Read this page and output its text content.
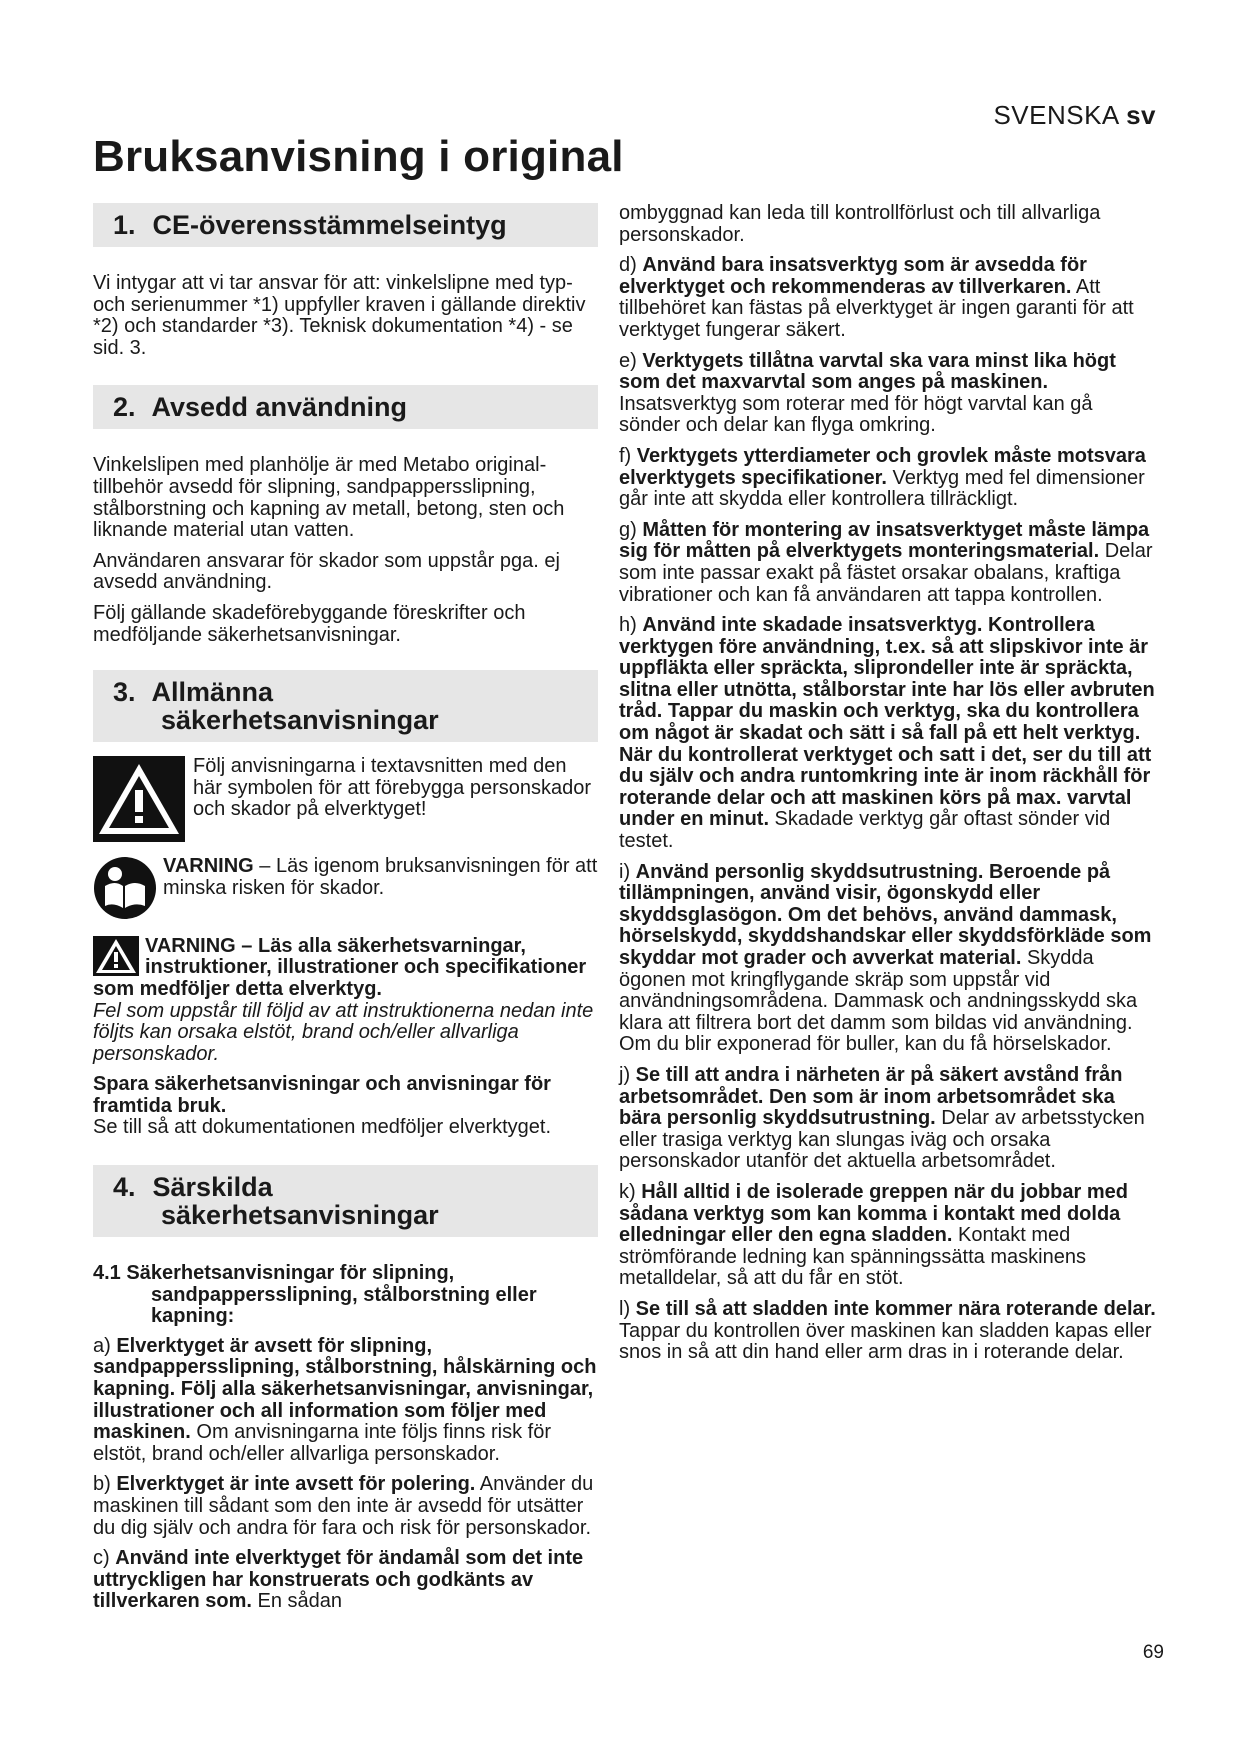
SVENSKA sv
Bruksanvisning i original
1. CE-överensstämmelseintyg

Vi intygar att vi tar ansvar för att: vinkelslipne med typ- och serienummer *1) uppfyller kraven i gällande direktiv *2) och standarder *3). Teknisk dokumentation *4) - se sid. 3.

2. Avsedd användning

Vinkelslipen med planhölje är med Metabo original-tillbehör avsedd för slipning, sandpappersslipning, stålborstning och kapning av metall, betong, sten och liknande material utan vatten.

Användaren ansvarar för skador som uppstår pga. ej avsedd användning.

Följ gällande skadeförebyggande föreskrifter och medföljande säkerhetsanvisningar.

3. Allmänna
säkerhetsanvisningar
Följ anvisningarna i textavsnitten med den här symbolen för att förebygga personskador och skador på elverktyget!
VARNING – Läs igenom bruksanvisningen för att minska risken för skador.
VARNING – Läs alla säkerhetsvarningar, instruktioner, illustrationer och specifikationer som medföljer detta elverktyg.
Fel som uppstår till följd av att instruktionerna nedan inte följts kan orsaka elstöt, brand och/eller allvarliga personskador.

Spara säkerhetsanvisningar och anvisningar för framtida bruk.
Se till så att dokumentationen medföljer elverktyget.

4. Särskilda
säkerhetsanvisningar
4.1 Säkerhetsanvisningar för slipning,
sandpappersslipning, stålborstning eller kapning:

a) Elverktyget är avsett för slipning, sandpappersslipning, stålborstning, hålskärning och kapning. Följ alla säkerhetsanvisningar, anvisningar, illustrationer och all information som följer med maskinen. Om anvisningarna inte följs finns risk för elstöt, brand och/eller allvarliga personskador.

b) Elverktyget är inte avsett för polering. Använder du maskinen till sådant som den inte är avsedd för utsätter du dig själv och andra för fara och risk för personskador.

c) Använd inte elverktyget för ändamål som det inte uttryckligen har konstruerats och godkänts av tillverkaren som. En sådan

ombyggnad kan leda till kontrollförlust och till allvarliga personskador.

d) Använd bara insatsverktyg som är avsedda för elverktyget och rekommenderas av tillverkaren. Att tillbehöret kan fästas på elverktyget är ingen garanti för att verktyget fungerar säkert.

e) Verktygets tillåtna varvtal ska vara minst lika högt som det maxvarvtal som anges på maskinen. Insatsverktyg som roterar med för högt varvtal kan gå sönder och delar kan flyga omkring.

f) Verktygets ytterdiameter och grovlek måste motsvara elverktygets specifikationer. Verktyg med fel dimensioner går inte att skydda eller kontrollera tillräckligt.

g) Måtten för montering av insatsverktyget måste lämpa sig för måtten på elverktygets monteringsmaterial. Delar som inte passar exakt på fästet orsakar obalans, kraftiga vibrationer och kan få användaren att tappa kontrollen.

h) Använd inte skadade insatsverktyg. Kontrollera verktygen före användning, t.ex. så att slipskivor inte är uppfläkta eller spräckta, sliprondeller inte är spräckta, slitna eller utnötta, stålborstar inte har lös eller avbruten tråd. Tappar du maskin och verktyg, ska du kontrollera om något är skadat och sätt i så fall på ett helt verktyg. När du kontrollerat verktyget och satt i det, ser du till att du själv och andra runtomkring inte är inom räckhåll för roterande delar och att maskinen körs på max. varvtal under en minut. Skadade verktyg går oftast sönder vid testet.

i) Använd personlig skyddsutrustning. Beroende på tillämpningen, använd visir, ögonskydd eller skyddsglasögon. Om det behövs, använd dammask, hörselskydd, skyddshandskar eller skyddsförkläde som skyddar mot grader och avverkat material. Skydda ögonen mot kringflygande skräp som uppstår vid användningsområdena. Dammask och andningsskydd ska klara att filtrera bort det damm som bildas vid användning. Om du blir exponerad för buller, kan du få hörselskador.

j) Se till att andra i närheten är på säkert avstånd från arbetsområdet. Den som är inom arbetsområdet ska bära personlig skyddsutrustning. Delar av arbetsstycken eller trasiga verktyg kan slungas iväg och orsaka personskador utanför det aktuella arbetsområdet.

k) Håll alltid i de isolerade greppen när du jobbar med sådana verktyg som kan komma i kontakt med dolda elledningar eller den egna sladden. Kontakt med strömförande ledning kan spänningssätta maskinens metalldelar, så att du får en stöt.

l) Se till så att sladden inte kommer nära roterande delar. Tappar du kontrollen över maskinen kan sladden kapas eller snos in så att din hand eller arm dras in i roterande delar.

69
